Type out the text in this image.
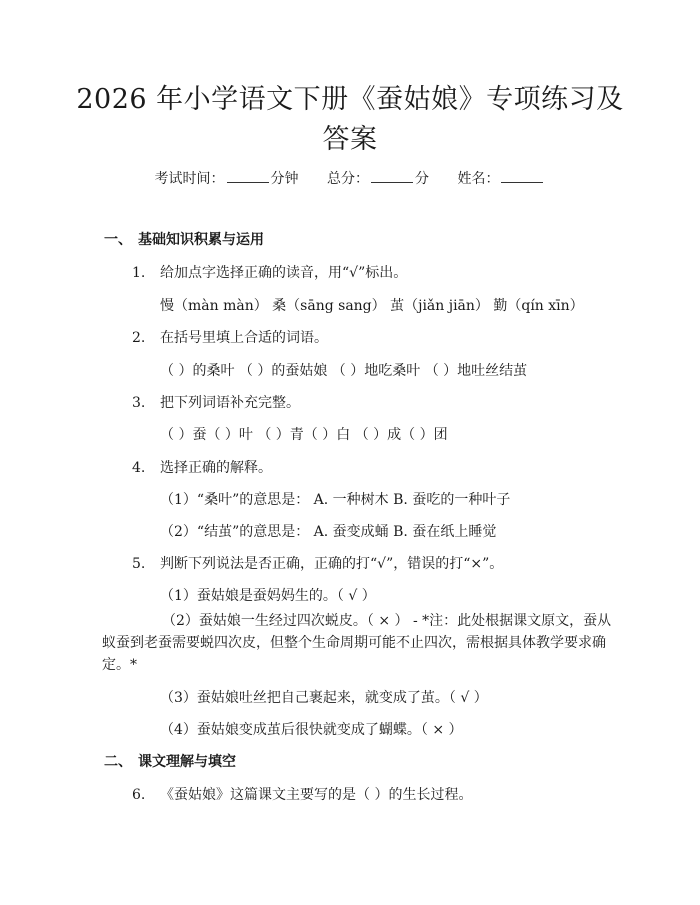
2026 年小学语文下册《蚕姑娘》专项练习及
答案
考试时间：	分钟 总分：	分 姓名：
一、 基础知识积累与运用
1. 给加点字选择正确的读音，用“√”标出。
慢（màn màn） 桑（sāng sang） 茧（jiǎn jiān） 勤（qín xīn）
2. 在括号里填上合适的词语。
（ ）的桑叶 （ ）的蚕姑娘 （ ）地吃桑叶 （ ）地吐丝结茧
3. 把下列词语补充完整。
（ ）蚕（ ）叶 （ ）青（ ）白 （ ）成（ ）团
4. 选择正确的解释。
（1）“桑叶”的意思是： A. 一种树木 B. 蚕吃的一种叶子
（2）“结茧”的意思是： A. 蚕变成蛹 B. 蚕在纸上睡觉
5. 判断下列说法是否正确，正确的打“√”，错误的打“×”。
（1）蚕姑娘是蚕妈妈生的。（ √ ）
（2）蚕姑娘一生经过四次蜕皮。（ × ） - *注：此处根据课文原文，蚕从蚁蚕到老蚕需要蜕四次皮，但整个生命周期可能不止四次，需根据具体教学要求确定。*
（3）蚕姑娘吐丝把自己裹起来，就变成了茧。（ √ ）
（4）蚕姑娘变成茧后很快就变成了蝴蝶。（ × ）
二、 课文理解与填空
6. 《蚕姑娘》这篇课文主要写的是（ ）的生长过程。
